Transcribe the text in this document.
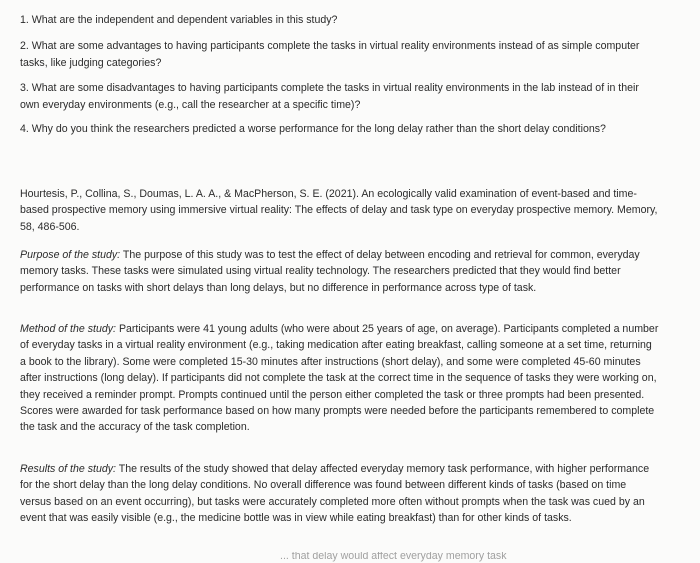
1. What are the independent and dependent variables in this study?
2. What are some advantages to having participants complete the tasks in virtual reality environments instead of as simple computer tasks, like judging categories?
3. What are some disadvantages to having participants complete the tasks in virtual reality environments in the lab instead of in their own everyday environments (e.g., call the researcher at a specific time)?
4. Why do you think the researchers predicted a worse performance for the long delay rather than the short delay conditions?
Hourtesis, P., Collina, S., Doumas, L. A. A., & MacPherson, S. E. (2021). An ecologically valid examination of event-based and time-based prospective memory using immersive virtual reality: The effects of delay and task type on everyday prospective memory. Memory, 58, 486-506.
Purpose of the study: The purpose of this study was to test the effect of delay between encoding and retrieval for common, everyday memory tasks. These tasks were simulated using virtual reality technology. The researchers predicted that they would find better performance on tasks with short delays than long delays, but no difference in performance across type of task.
Method of the study: Participants were 41 young adults (who were about 25 years of age, on average). Participants completed a number of everyday tasks in a virtual reality environment (e.g., taking medication after eating breakfast, calling someone at a set time, returning a book to the library). Some were completed 15-30 minutes after instructions (short delay), and some were completed 45-60 minutes after instructions (long delay). If participants did not complete the task at the correct time in the sequence of tasks they were working on, they received a reminder prompt. Prompts continued until the person either completed the task or three prompts had been presented. Scores were awarded for task performance based on how many prompts were needed before the participants remembered to complete the task and the accuracy of the task completion.
Results of the study: The results of the study showed that delay affected everyday memory task performance, with higher performance for the short delay than the long delay conditions. No overall difference was found between different kinds of tasks (based on time versus based on an event occurring), but tasks were accurately completed more often without prompts when the task was cued by an event that was easily visible (e.g., the medicine bottle was in view while eating breakfast) than for other kinds of tasks.
... that delay would affect everyday memory task
